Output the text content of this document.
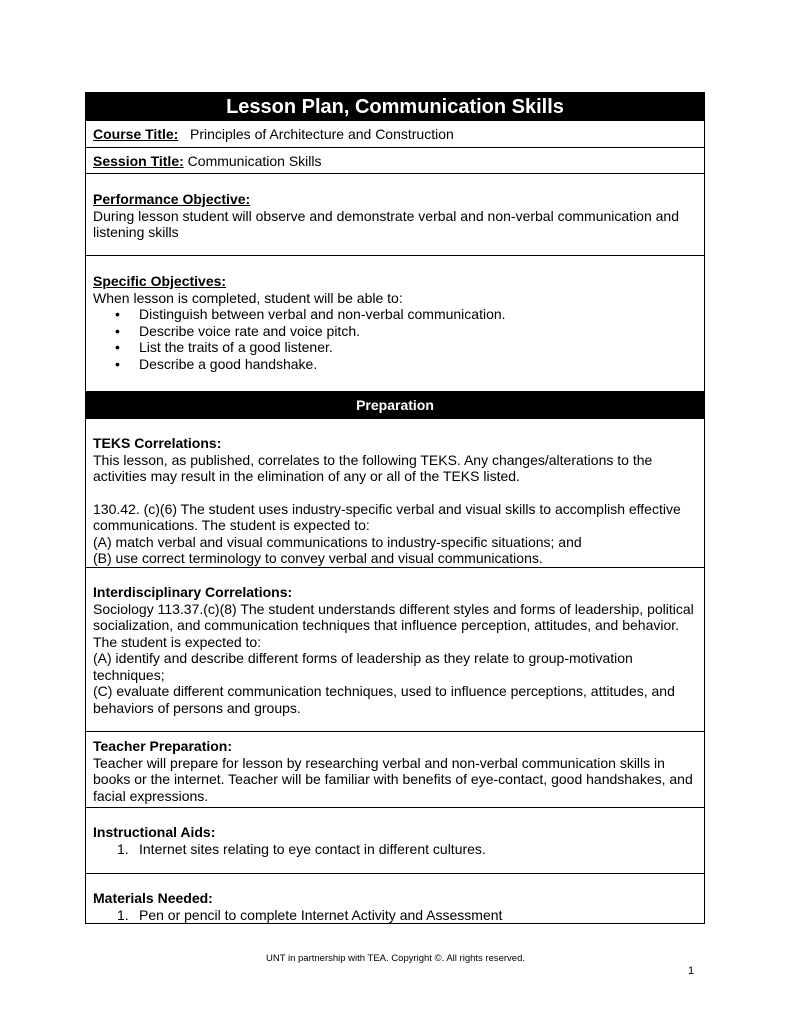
Lesson Plan, Communication Skills
Course Title: Principles of Architecture and Construction
Session Title: Communication Skills
Performance Objective:

During lesson student will observe and demonstrate verbal and non-verbal communication and listening skills

Specific Objectives:

When lesson is completed, student will be able to:

• Distinguish between verbal and non-verbal communication.
• Describe voice rate and voice pitch.
• List the traits of a good listener.
• Describe a good handshake.
Preparation
TEKS Correlations:

This lesson, as published, correlates to the following TEKS. Any changes/alterations to the activities may result in the elimination of any or all of the TEKS listed.

130.42. (c)(6) The student uses industry-specific verbal and visual skills to accomplish effective communications. The student is expected to:

(A) match verbal and visual communications to industry-specific situations; and

(B) use correct terminology to convey verbal and visual communications.

Interdisciplinary Correlations:

Sociology 113.37.(c)(8) The student understands different styles and forms of leadership, political socialization, and communication techniques that influence perception, attitudes, and behavior. The student is expected to:

(A) identify and describe different forms of leadership as they relate to group-motivation techniques;

(C) evaluate different communication techniques, used to influence perceptions, attitudes, and behaviors of persons and groups.

Teacher Preparation:

Teacher will prepare for lesson by researching verbal and non-verbal communication skills in books or the internet. Teacher will be familiar with benefits of eye-contact, good handshakes, and facial expressions.

Instructional Aids:
1. Internet sites relating to eye contact in different cultures.
Materials Needed:
1. Pen or pencil to complete Internet Activity and Assessment
UNT in partnership with TEA. Copyright ©. All rights reserved.
1
